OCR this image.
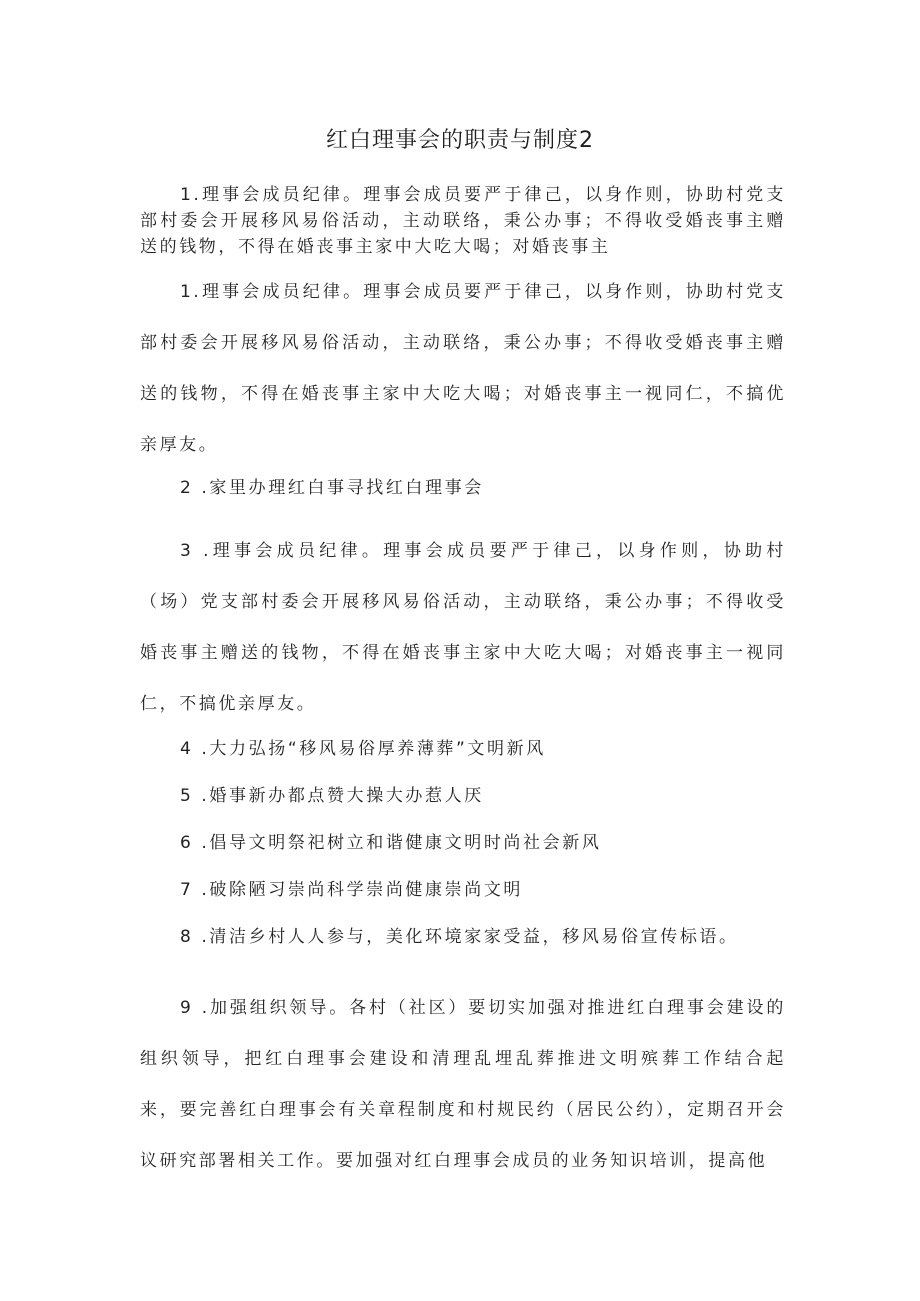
红白理事会的职责与制度2

1.理事会成员纪律。理事会成员要严于律己，以身作则，协助村党支部村委会开展移风易俗活动，主动联络，秉公办事；不得收受婚丧事主赠送的钱物，不得在婚丧事主家中大吃大喝；对婚丧事主

1.理事会成员纪律。理事会成员要严于律己，以身作则，协助村党支部村委会开展移风易俗活动，主动联络，秉公办事；不得收受婚丧事主赠送的钱物，不得在婚丧事主家中大吃大喝；对婚丧事主一视同仁，不搞优亲厚友。

2 .家里办理红白事寻找红白理事会

3 .理事会成员纪律。理事会成员要严于律己，以身作则，协助村（场）党支部村委会开展移风易俗活动，主动联络，秉公办事；不得收受婚丧事主赠送的钱物，不得在婚丧事主家中大吃大喝；对婚丧事主一视同仁，不搞优亲厚友。

4 .大力弘扬“移风易俗厚养薄葬”文明新风

5 .婚事新办都点赞大操大办惹人厌

6 .倡导文明祭祀树立和谐健康文明时尚社会新风

7 .破除陋习崇尚科学崇尚健康崇尚文明

8 .清洁乡村人人参与，美化环境家家受益，移风易俗宣传标语。

9 .加强组织领导。各村（社区）要切实加强对推进红白理事会建设的组织领导，把红白理事会建设和清理乱埋乱葬推进文明殡葬工作结合起来，要完善红白理事会有关章程制度和村规民约（居民公约），定期召开会议研究部署相关工作。要加强对红白理事会成员的业务知识培训，提高他
